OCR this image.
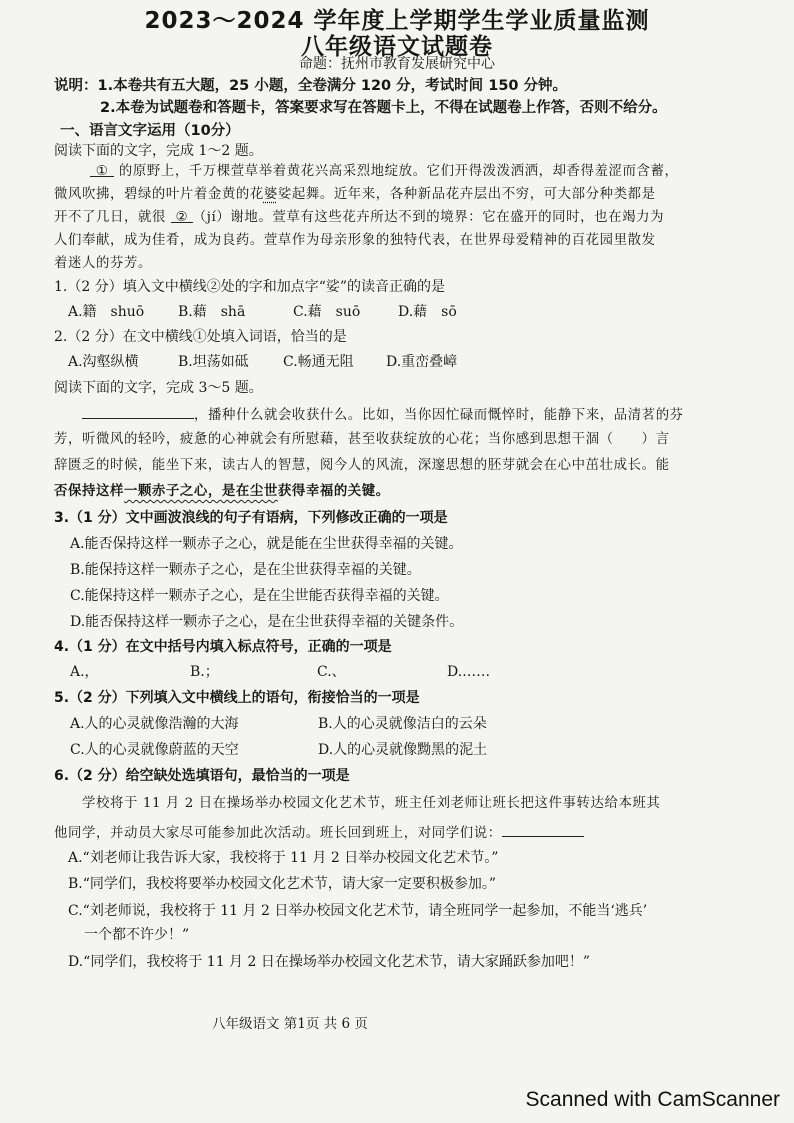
2023～2024 学年度上学期学生学业质量监测
八年级语文试题卷
命题：抚州市教育发展研究中心
说明：1.本卷共有五大题，25 小题，全卷满分 120 分，考试时间 150 分钟。
2.本卷为试题卷和答题卡，答案要求写在答题卡上，不得在试题卷上作答，否则不给分。
一、语言文字运用（10分）
阅读下面的文字，完成 1～2 题。
① 的原野上，千万棵萱草举着黄花兴高采烈地绽放。它们开得泼泼洒洒，却香得羞涩而含蓄，
微风吹拂，碧绿的叶片着金黄的花婆娑起舞。近年来，各种新品花卉层出不穷，可大部分种类都是
开不了几日，就很 ② （jí）谢地。萱草有这些花卉所达不到的境界：它在盛开的同时，也在竭力为
人们奉献，成为佳肴，成为良药。萱草作为母亲形象的独特代表，在世界母爱精神的百花园里散发
着迷人的芬芳。
1.（2 分）填入文中横线②处的字和加点字“娑”的读音正确的是
A.籍　shuō B.藉　shā	C.藉　suō	D.藉　sō
2.（2 分）在文中横线①处填入词语，恰当的是
A.沟壑纵横	B.坦荡如砥 C.畅通无阻 D.重峦叠嶂
阅读下面的文字，完成 3～5 题。
，播种什么就会收获什么。比如，当你因忙碌而慨悴时，能静下来，品清茗的芬
芳，听微风的轻吟，疲惫的心神就会有所慰藉，甚至收获绽放的心花；当你感到思想干涸（　　）言
辞匮乏的时候，能坐下来，读古人的智慧，阅今人的风流，深邃思想的胚芽就会在心中茁壮成长。能
否保持这样一颗赤子之心，是在尘世获得幸福的关键。
3.（1 分）文中画波浪线的句子有语病，下列修改正确的一项是
A.能否保持这样一颗赤子之心，就是能在尘世获得幸福的关键。
B.能保持这样一颗赤子之心，是在尘世获得幸福的关键。
C.能保持这样一颗赤子之心，是在尘世能否获得幸福的关键。
D.能否保持这样一颗赤子之心，是在尘世获得幸福的关键条件。
4.（1 分）在文中括号内填入标点符号，正确的一项是
A.，	B.；	C.、	D.……
5.（2 分）下列填入文中横线上的语句，衔接恰当的一项是
A.人的心灵就像浩瀚的大海	B.人的心灵就像洁白的云朵
C.人的心灵就像蔚蓝的天空	D.人的心灵就像黝黑的泥土
6.（2 分）给空缺处选填语句，最恰当的一项是
学校将于 11 月 2 日在操场举办校园文化艺术节，班主任刘老师让班长把这件事转达给本班其
他同学，并动员大家尽可能参加此次活动。班长回到班上，对同学们说：
A.“刘老师让我告诉大家，我校将于 11 月 2 日举办校园文化艺术节。”
B.“同学们，我校将要举办校园文化艺术节，请大家一定要积极参加。”
C.“刘老师说，我校将于 11 月 2 日举办校园文化艺术节，请全班同学一起参加，不能当‘逃兵’
一个都不许少！”
D.“同学们，我校将于 11 月 2 日在操场举办校园文化艺术节，请大家踊跃参加吧！”
八年级语文 第1页 共 6 页
Scanned with CamScanner
